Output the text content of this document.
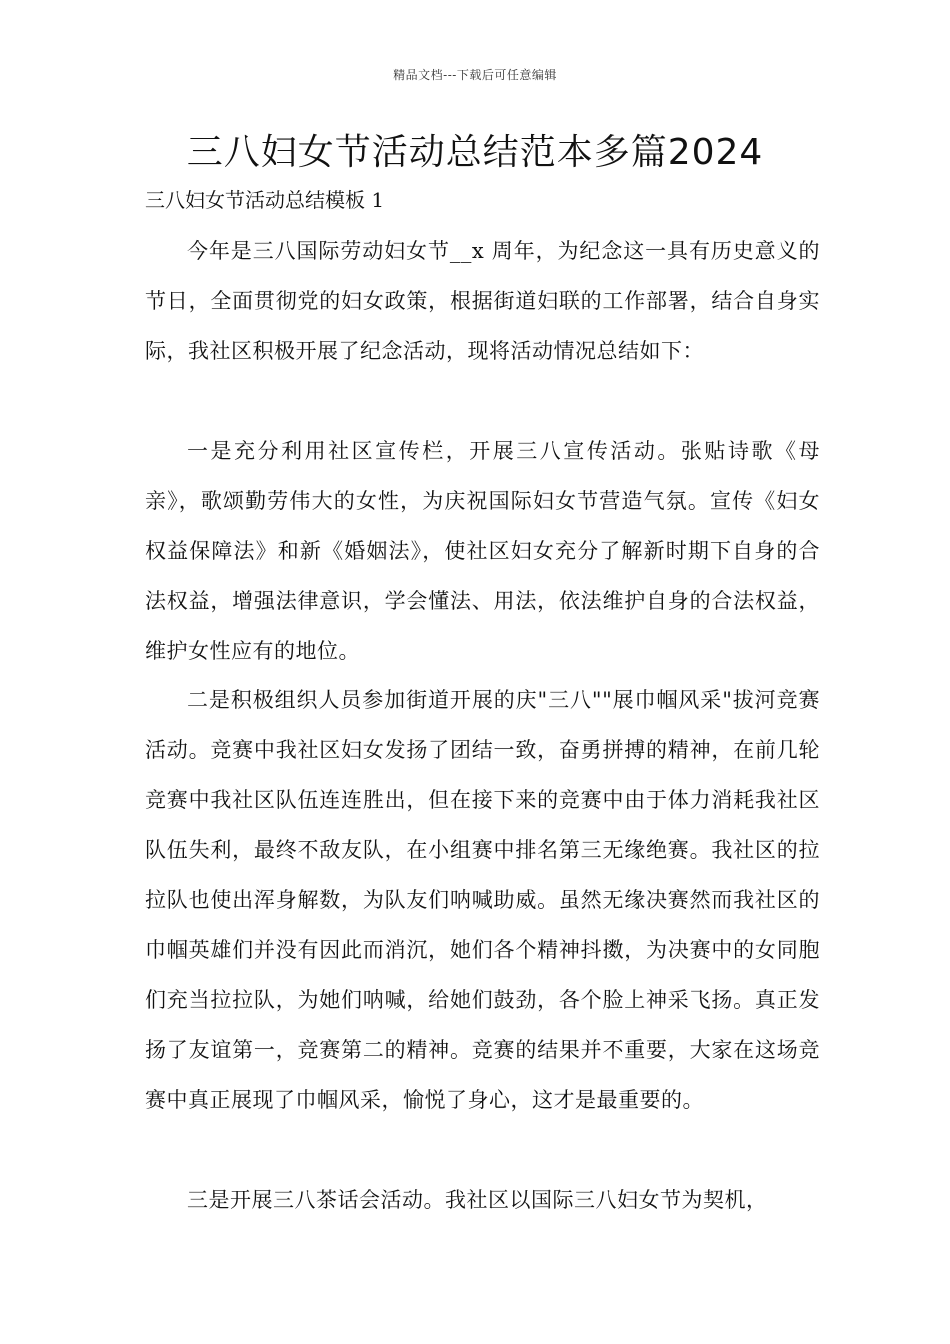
精品文档---下载后可任意编辑
三八妇女节活动总结范本多篇2024

三八妇女节活动总结模板 1

今年是三八国际劳动妇女节__x 周年，为纪念这一具有历史意义的节日，全面贯彻党的妇女政策，根据街道妇联的工作部署，结合自身实际，我社区积极开展了纪念活动，现将活动情况总结如下：

一是充分利用社区宣传栏，开展三八宣传活动。张贴诗歌《母亲》，歌颂勤劳伟大的女性，为庆祝国际妇女节营造气氛。宣传《妇女权益保障法》和新《婚姻法》，使社区妇女充分了解新时期下自身的合法权益，增强法律意识，学会懂法、用法，依法维护自身的合法权益，维护女性应有的地位。

二是积极组织人员参加街道开展的庆"三八""展巾帼风采"拔河竞赛活动。竞赛中我社区妇女发扬了团结一致，奋勇拼搏的精神，在前几轮竞赛中我社区队伍连连胜出，但在接下来的竞赛中由于体力消耗我社区队伍失利，最终不敌友队，在小组赛中排名第三无缘绝赛。我社区的拉拉队也使出浑身解数，为队友们呐喊助威。虽然无缘决赛然而我社区的巾帼英雄们并没有因此而消沉，她们各个精神抖擞，为决赛中的女同胞们充当拉拉队，为她们呐喊，给她们鼓劲，各个脸上神采飞扬。真正发扬了友谊第一，竞赛第二的精神。竞赛的结果并不重要，大家在这场竞赛中真正展现了巾帼风采，愉悦了身心，这才是最重要的。

三是开展三八茶话会活动。我社区以国际三八妇女节为契机，
